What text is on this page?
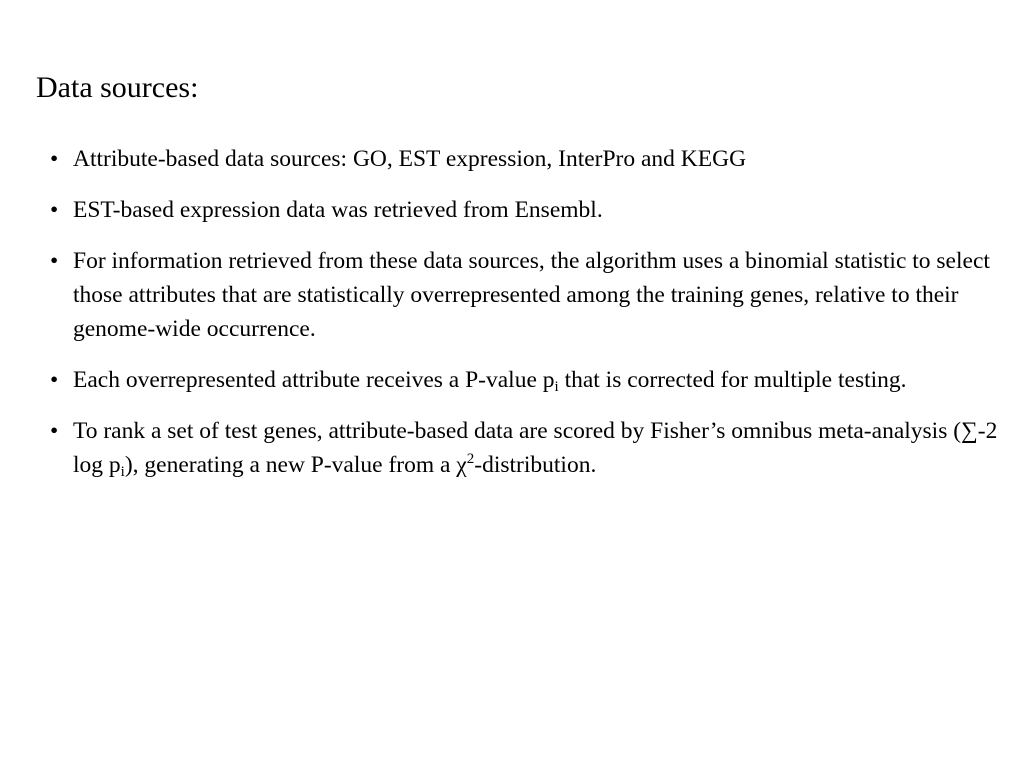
Data sources:
• Attribute-based data sources: GO, EST expression, InterPro and KEGG
• EST-based expression data was retrieved from Ensembl.
• For information retrieved from these data sources, the algorithm uses a binomial statistic to select those attributes that are statistically overrepresented among the training genes, relative to their genome-wide occurrence.
• Each overrepresented attribute receives a P-value $p_i$ that is corrected for multiple testing.
• To rank a set of test genes, attribute-based data are scored by Fisher’s omnibus meta-analysis (∑-2 $\log p_i$), generating a new P-value from a $\chi^2$-distribution.
